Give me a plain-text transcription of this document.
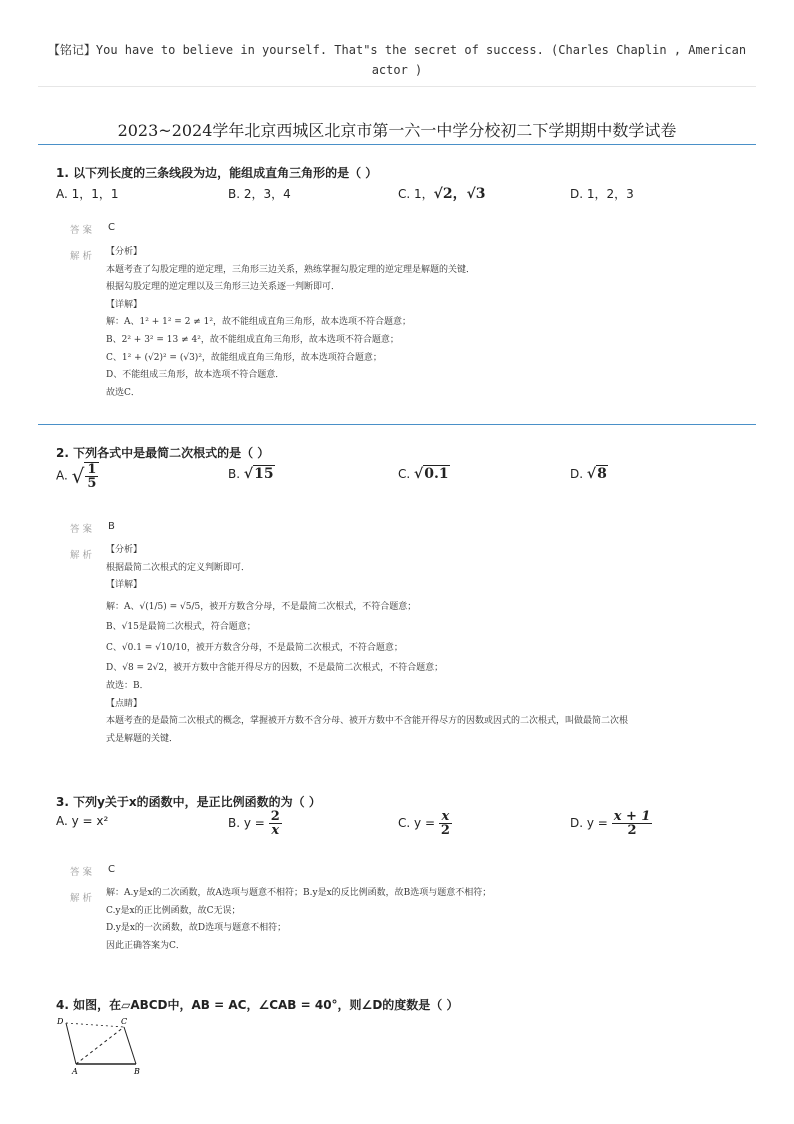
【铭记】You have to believe in yourself. That"s the secret of success. (Charles Chaplin , American actor )
2023~2024学年北京西城区北京市第一六一中学分校初二下学期期中数学试卷
1. 以下列长度的三条线段为边，能组成直角三角形的是（ ）
A. 1，1，1	B. 2，3，4	C. 1，√2，√3	D. 1，2，3
答 案 C
解 析 【分析】
本题考查了勾股定理的逆定理，三角形三边关系，熟练掌握勾股定理的逆定理是解题的关键．
根据勾股定理的逆定理以及三角形三边关系逐一判断即可．
【详解】
解：A、1² + 1² = 2 ≠ 1²，故不能组成直角三角形，故本选项不符合题意；
B、2² + 3² = 13 ≠ 4²，故不能组成直角三角形，故本选项不符合题意；
C、1² + (√2)² = (√3)²，故能组成直角三角形，故本选项符合题意；
D、不能组成三角形，故本选项不符合题意．
故选C．
2. 下列各式中是最简二次根式的是（ ）
A. √ $\frac{1}{5}$	B. √15	C. √0.1	D. √8
答 案 B
解 析 【分析】
根据最简二次根式的定义判断即可．
【详解】
解：A、√(1/5) = √5/5，被开方数含分母，不是最简二次根式，不符合题意；
B、√15是最简二次根式，符合题意；
C、√0.1 = √10/10，被开方数含分母，不是最简二次根式，不符合题意；
D、√8 = 2√2，被开方数中含能开得尽方的因数，不是最简二次根式，不符合题意；
故选：B．
【点睛】
本题考查的是最简二次根式的概念，掌握被开方数不含分母、被开方数中不含能开得尽方的因数或因式的二次根式，叫做最简二次根
式是解题的关键．
3. 下列y关于x的函数中，是正比例函数的为（ ）
A. y = x²	B. $y = \frac{2}{x}$	C. $y = \frac{x}{2}$	D. $y = \frac{x + 1}{2}$
答 案 C
解 析 解：A.y是x的二次函数，故A选项与题意不相符；B.y是x的反比例函数，故B选项与题意不相符；
C.y是x的正比例函数，故C无误；
D.y是x的一次函数，故D选项与题意不相符；
因此正确答案为C．
4. 如图，在▱ABCD中，AB = AC，∠CAB = 40°，则∠D的度数是（ ）
D	C
A	B
